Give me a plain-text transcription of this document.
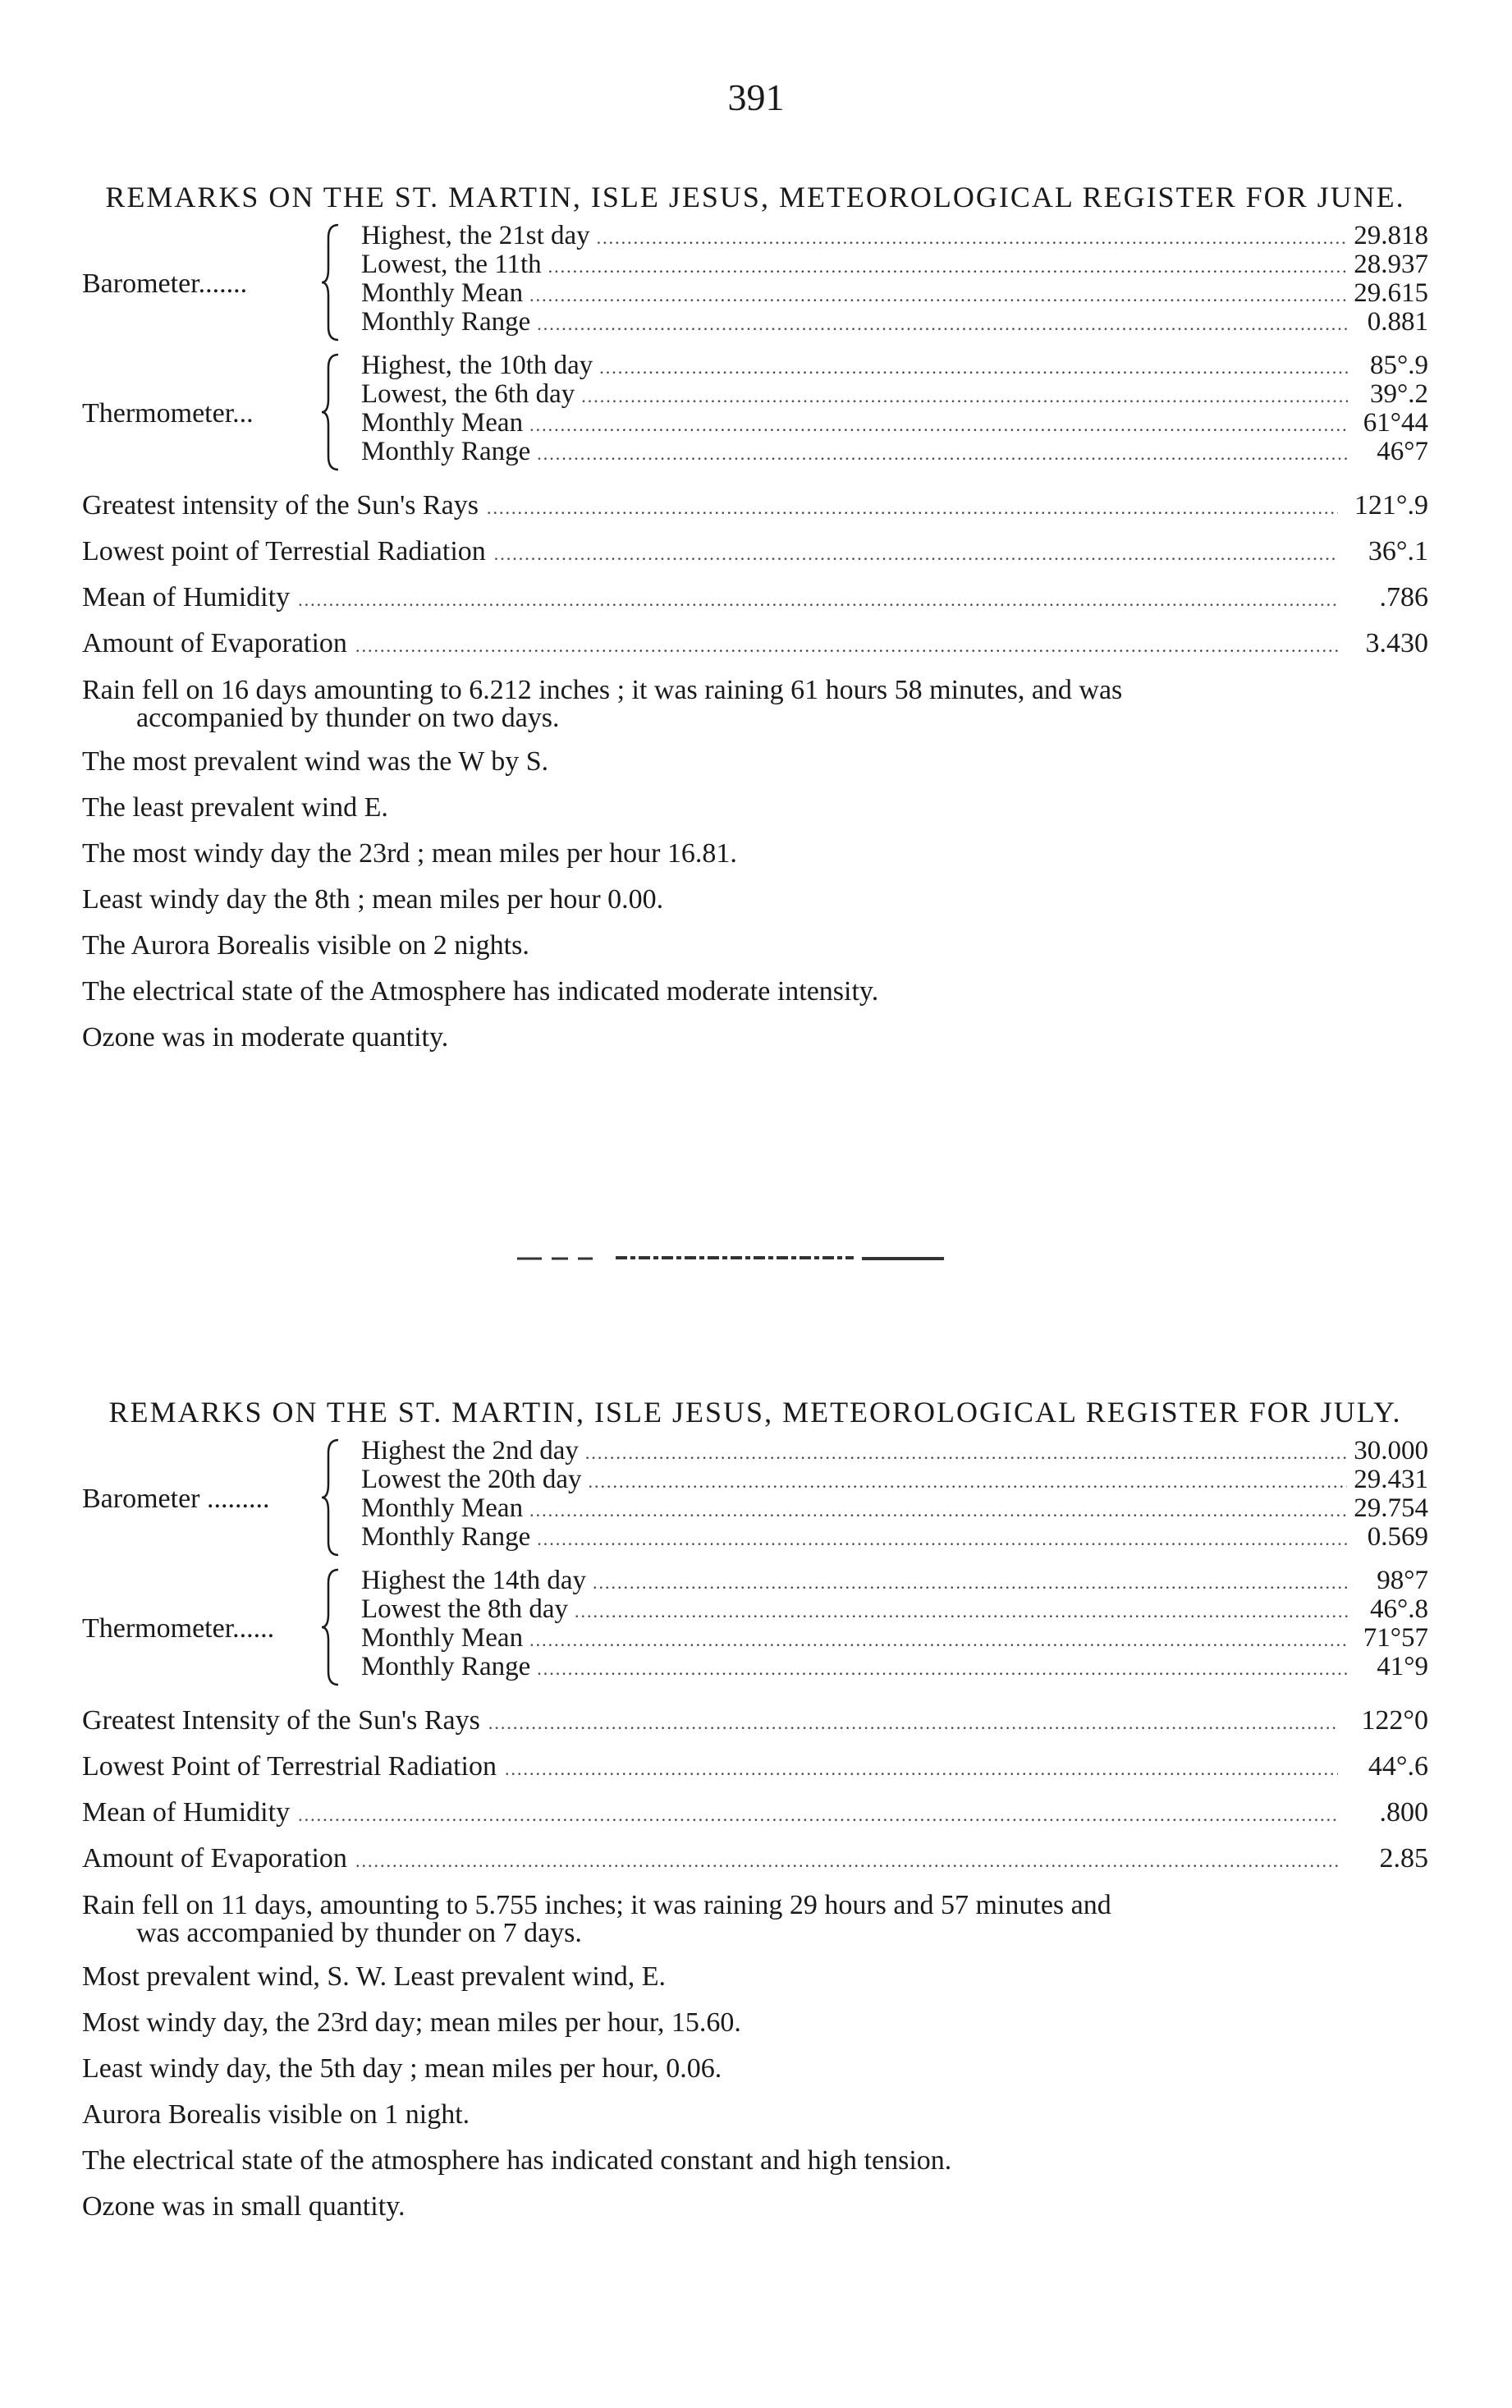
391
REMARKS ON THE ST. MARTIN, ISLE JESUS, METEOROLOGICAL REGISTER FOR JUNE.
Barometer.......
Highest, the 21st day .....	29.818
Lowest, the 11th .....	28.937
Monthly Mean .....	29.615
Monthly Range .....	0.881
Thermometer...
Highest, the 10th day .....	85°.9
Lowest, the 6th day .....	39°.2
Monthly Mean .....	61°44
Monthly Range .....	46°7
Greatest intensity of the Sun's Rays .....	121°.9
Lowest point of Terrestial Radiation .....	36°.1
Mean of Humidity .....	.786
Amount of Evaporation .....	3.430
Rain fell on 16 days amounting to 6.212 inches ; it was raining 61 hours 58 minutes, and was
accompanied by thunder on two days.
The most prevalent wind was the W by S.
The least prevalent wind E.
The most windy day the 23rd ; mean miles per hour 16.81.
Least windy day the 8th ; mean miles per hour 0.00.
The Aurora Borealis visible on 2 nights.
The electrical state of the Atmosphere has indicated moderate intensity.
Ozone was in moderate quantity.
REMARKS ON THE ST. MARTIN, ISLE JESUS, METEOROLOGICAL REGISTER FOR JULY.
Barometer .........
Highest the 2nd day .....	30.000
Lowest the 20th day .....	29.431
Monthly Mean .....	29.754
Monthly Range .....	0.569
Thermometer......
Highest the 14th day .....	98°7
Lowest the 8th day .....	46°.8
Monthly Mean .....	71°57
Monthly Range .....	41°9
Greatest Intensity of the Sun's Rays .....	122°0
Lowest Point of Terrestrial Radiation .....	44°.6
Mean of Humidity .....	.800
Amount of Evaporation .....	2.85
Rain fell on 11 days, amounting to 5.755 inches; it was raining 29 hours and 57 minutes and
was accompanied by thunder on 7 days.
Most prevalent wind, S. W. Least prevalent wind, E.
Most windy day, the 23rd day; mean miles per hour, 15.60.
Least windy day, the 5th day ; mean miles per hour, 0.06.
Aurora Borealis visible on 1 night.
The electrical state of the atmosphere has indicated constant and high tension.
Ozone was in small quantity.
